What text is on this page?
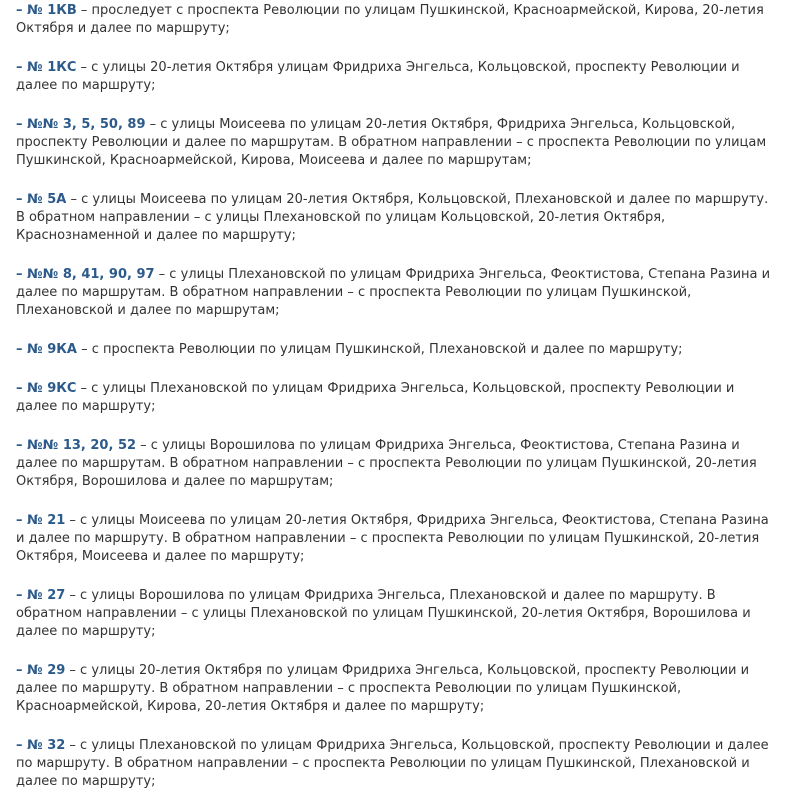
– № 1КВ – проследует с проспекта Революции по улицам Пушкинской, Красноармейской, Кирова, 20-летия Октября и далее по маршруту;

– № 1КС – с улицы 20-летия Октября улицам Фридриха Энгельса, Кольцовской, проспекту Революции и далее по маршруту;

– №№ 3, 5, 50, 89 – с улицы Моисеева по улицам 20-летия Октября, Фридриха Энгельса, Кольцовской, проспекту Революции и далее по маршрутам. В обратном направлении – с проспекта Революции по улицам Пушкинской, Красноармейской, Кирова, Моисеева и далее по маршрутам;

– № 5А – с улицы Моисеева по улицам 20-летия Октября, Кольцовской, Плехановской и далее по маршруту. В обратном направлении – с улицы Плехановской по улицам Кольцовской, 20-летия Октября, Краснознаменной и далее по маршруту;

– №№ 8, 41, 90, 97 – с улицы Плехановской по улицам Фридриха Энгельса, Феоктистова, Степана Разина и далее по маршрутам. В обратном направлении – с проспекта Революции по улицам Пушкинской, Плехановской и далее по маршрутам;

– № 9КА – с проспекта Революции по улицам Пушкинской, Плехановской и далее по маршруту;

– № 9КС – с улицы Плехановской по улицам Фридриха Энгельса, Кольцовской, проспекту Революции и далее по маршруту;

– №№ 13, 20, 52 – с улицы Ворошилова по улицам Фридриха Энгельса, Феоктистова, Степана Разина и далее по маршрутам. В обратном направлении – с проспекта Революции по улицам Пушкинской, 20-летия Октября, Ворошилова и далее по маршрутам;

– № 21 – с улицы Моисеева по улицам 20-летия Октября, Фридриха Энгельса, Феоктистова, Степана Разина и далее по маршруту. В обратном направлении – с проспекта Революции по улицам Пушкинской, 20-летия Октября, Моисеева и далее по маршруту;

– № 27 – с улицы Ворошилова по улицам Фридриха Энгельса, Плехановской и далее по маршруту. В обратном направлении – с улицы Плехановской по улицам Пушкинской, 20-летия Октября, Ворошилова и далее по маршруту;

– № 29 – с улицы 20-летия Октября по улицам Фридриха Энгельса, Кольцовской, проспекту Революции и далее по маршруту. В обратном направлении – с проспекта Революции по улицам Пушкинской, Красноармейской, Кирова, 20-летия Октября и далее по маршруту;

– № 32 – с улицы Плехановской по улицам Фридриха Энгельса, Кольцовской, проспекту Революции и далее по маршруту. В обратном направлении – с проспекта Революции по улицам Пушкинской, Плехановской и далее по маршруту;
